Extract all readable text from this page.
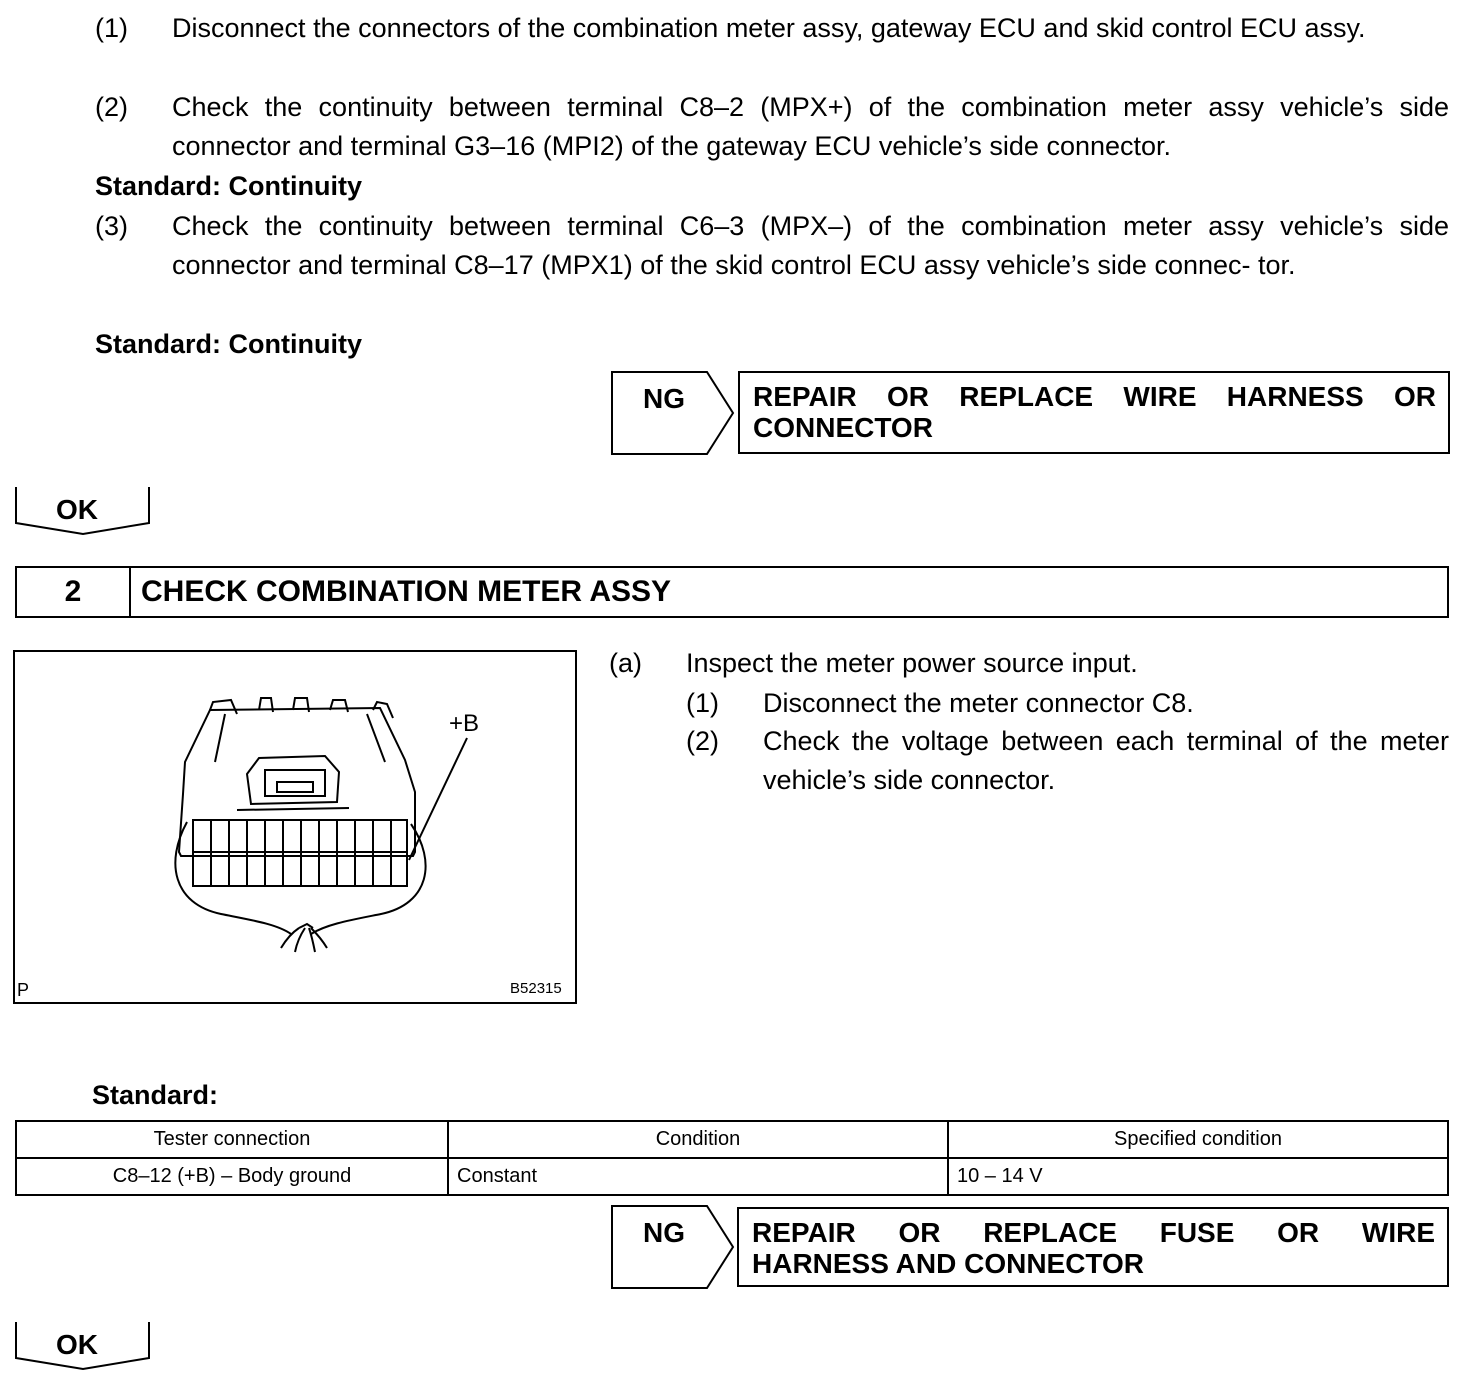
(1) Disconnect the connectors of the combination meter assy, gateway ECU and skid control ECU assy.
(2) Check the continuity between terminal C8–2 (MPX+) of the combination meter assy vehicle’s side connector and terminal G3–16 (MPI2) of the gateway ECU vehicle’s side connector.
Standard: Continuity
(3) Check the continuity between terminal C6–3 (MPX–) of the combination meter assy vehicle’s side connector and terminal C8–17 (MPX1) of the skid control ECU assy vehicle’s side connec- tor.
Standard: Continuity
NG REPAIR OR REPLACE WIRE HARNESS OR
CONNECTOR
OK
2	CHECK COMBINATION METER ASSY
+B
P	B52315
(a) Inspect the meter power source input.
(1) Disconnect the meter connector C8.
(2) Check the voltage between each terminal of the meter vehicle’s side connector.
Standard:
Tester connection	Condition	Specified condition
C8–12 (+B) – Body ground	Constant	10 – 14 V
NG REPAIR OR REPLACE FUSE OR WIRE
HARNESS AND CONNECTOR
OK
